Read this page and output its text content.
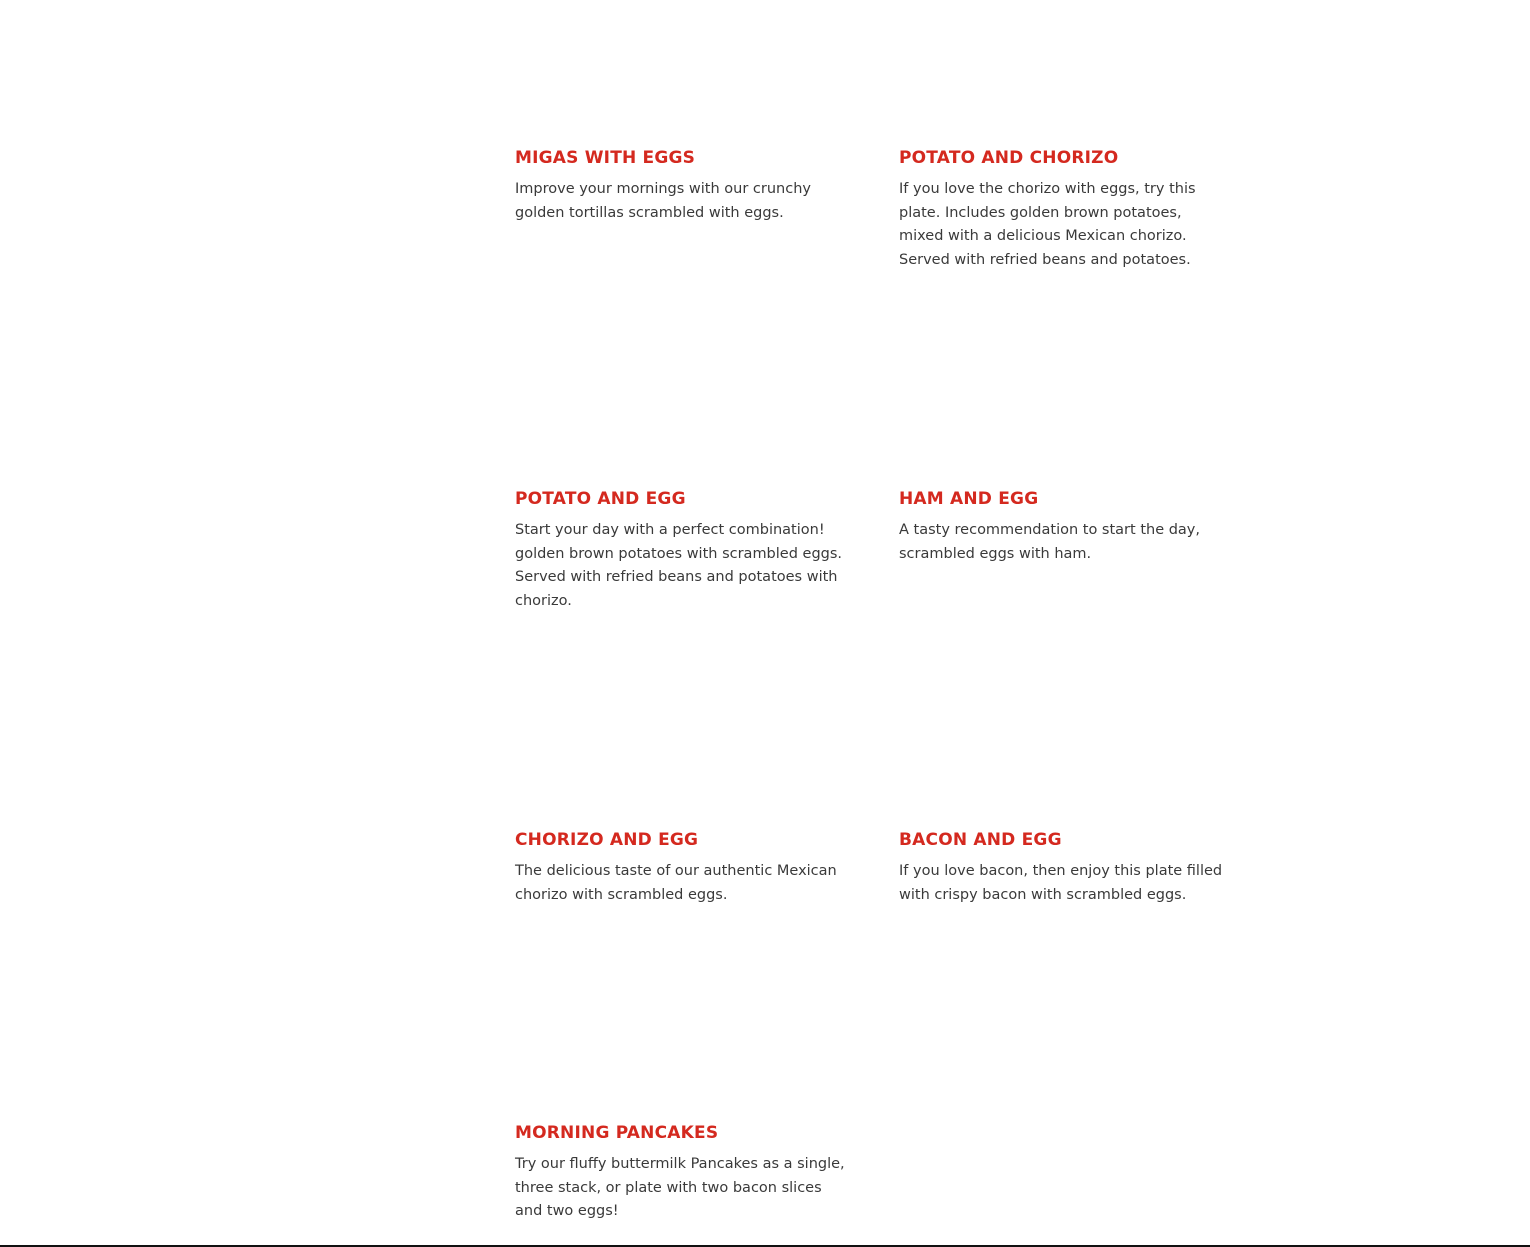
MIGAS WITH EGGS

Improve your mornings with our crunchy golden tortillas scrambled with eggs.

POTATO AND CHORIZO

If you love the chorizo with eggs, try this plate. Includes golden brown potatoes, mixed with a delicious Mexican chorizo. Served with refried beans and potatoes.

POTATO AND EGG

Start your day with a perfect combination! golden brown potatoes with scrambled eggs. Served with refried beans and potatoes with chorizo.

HAM AND EGG

A tasty recommendation to start the day, scrambled eggs with ham.

CHORIZO AND EGG

The delicious taste of our authentic Mexican chorizo with scrambled eggs.

BACON AND EGG

If you love bacon, then enjoy this plate filled with crispy bacon with scrambled eggs.

MORNING PANCAKES

Try our fluffy buttermilk Pancakes as a single, three stack, or plate with two bacon slices and two eggs!
